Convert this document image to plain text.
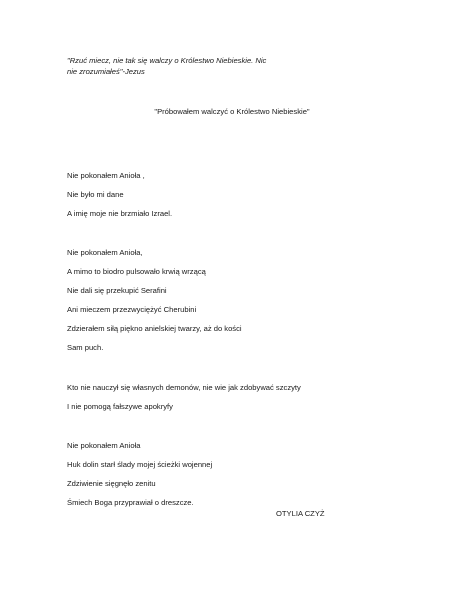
"Rzuć miecz, nie tak się walczy o Królestwo Niebieskie. Nic
nie zrozumiałeś"-Jezus
"Próbowałem walczyć o Królestwo Niebieskie"
Nie pokonałem Anioła ,
Nie było mi dane
A imię moje nie brzmiało Izrael.
Nie pokonałem Anioła,
A mimo to biodro pulsowało krwią wrzącą
Nie dali się przekupić Serafini
Ani mieczem przezwyciężyć Cherubini
Zdzierałem siłą piękno anielskiej twarzy, aż do kości
Sam puch.
Kto nie nauczył się własnych demonów, nie wie jak zdobywać szczyty
I nie pomogą fałszywe apokryfy
Nie pokonałem Anioła
Huk dolin starł ślady mojej ścieżki wojennej
Zdziwienie sięgnęło zenitu
Śmiech Boga przyprawiał o dreszcze.
OTYLIA CZYŻ
